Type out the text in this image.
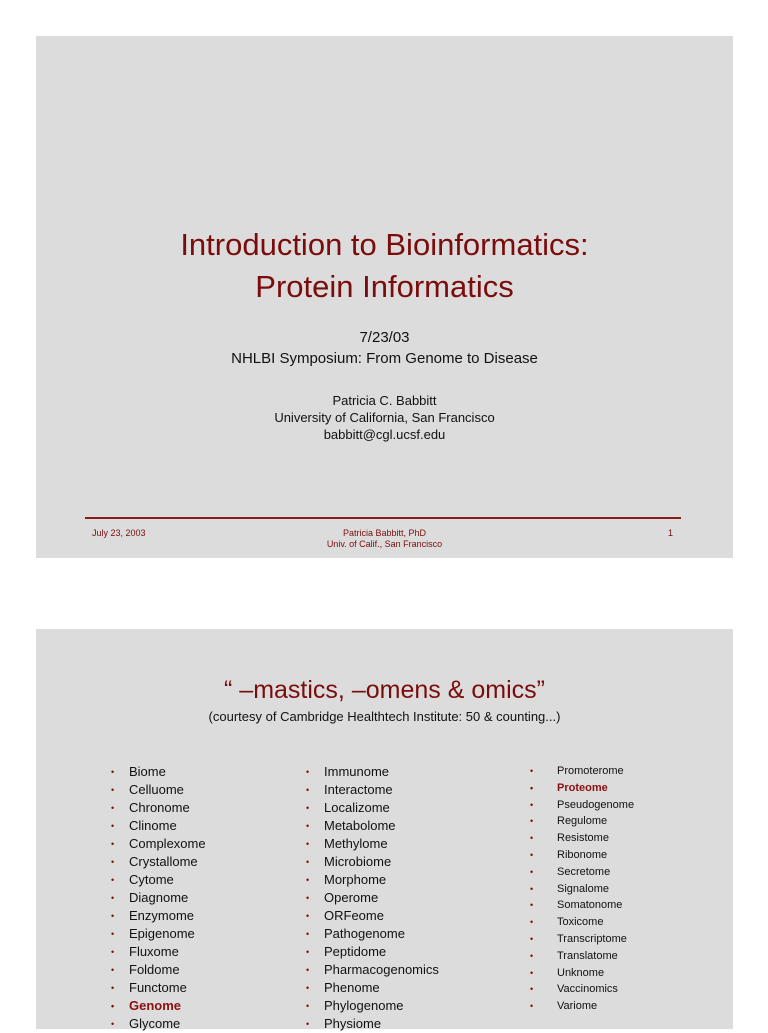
Introduction to Bioinformatics:
Protein Informatics
7/23/03
NHLBI Symposium: From Genome to Disease
Patricia C. Babbitt
University of California, San Francisco
babbitt@cgl.ucsf.edu
July 23, 2003	Patricia Babbitt, PhD
Univ. of Calif., San Francisco
1
“ –mastics, –omens & omics”
(courtesy of Cambridge Healthtech Institute: 50 & counting...)
• Biome
• Celluome
• Chronome
• Clinome
• Complexome
• Crystallome
• Cytome
• Diagnome
• Enzymome
• Epigenome
• Fluxome
• Foldome
• Functome
• Genome
• Glycome
• Immunome
• Interactome
• Localizome
• Metabolome
• Methylome
• Microbiome
• Morphome
• Operome
• ORFeome
• Pathogenome
• Peptidome
• Pharmacogenomics
• Phenome
• Phylogenome
• Physiome
• Promoterome
• Proteome
• Pseudogenome
• Regulome
• Resistome
• Ribonome
• Secretome
• Signalome
• Somatonome
• Toxicome
• Transcriptome
• Translatome
• Unknome
• Vaccinomics
• Variome
